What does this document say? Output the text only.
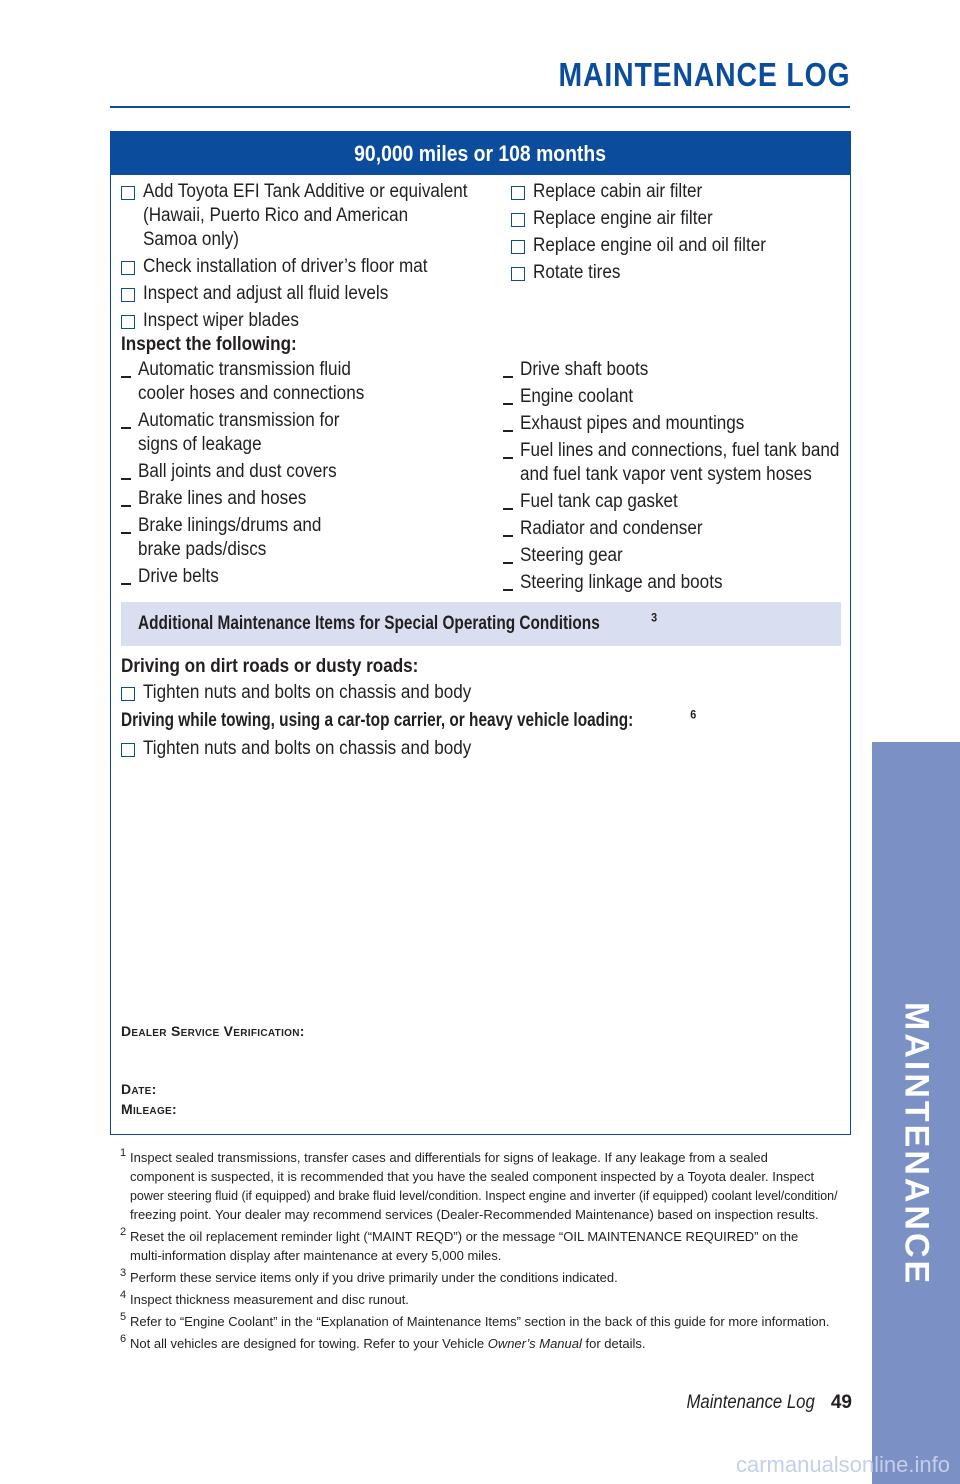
MAINTENANCE LOG
90,000 miles or 108 months
Add Toyota EFI Tank Additive or equivalent
(Hawaii, Puerto Rico and American
Samoa only)
Check installation of driver’s floor mat
Inspect and adjust all fluid levels
Inspect wiper blades
Replace cabin air filter
Replace engine air filter
Replace engine oil and oil filter
Rotate tires
Inspect the following:
Automatic transmission fluid
cooler hoses and connections
Automatic transmission for
signs of leakage
Ball joints and dust covers
Brake lines and hoses
Brake linings/drums and
brake pads/discs
Drive belts
Drive shaft boots
Engine coolant
Exhaust pipes and mountings
Fuel lines and connections, fuel tank band
and fuel tank vapor vent system hoses
Fuel tank cap gasket
Radiator and condenser
Steering gear
Steering linkage and boots
Additional Maintenance Items for Special Operating Conditions	$^3$
Driving on dirt roads or dusty roads:
Tighten nuts and bolts on chassis and body
Driving while towing, using a car-top carrier, or heavy vehicle loading:	$^6$
Tighten nuts and bolts on chassis and body
Dealer Service Verification:
Date:
Mileage:
1 Inspect sealed transmissions, transfer cases and differentials for signs of leakage. If any leakage from a sealed
component is suspected, it is recommended that you have the sealed component inspected by a Toyota dealer. Inspect
power steering fluid (if equipped) and brake fluid level/condition. Inspect engine and inverter (if equipped) coolant level/condition/
freezing point. Your dealer may recommend services (Dealer-Recommended Maintenance) based on inspection results.
2 Reset the oil replacement reminder light (“MAINT REQD”) or the message “OIL MAINTENANCE REQUIRED” on the
multi-information display after maintenance at every 5,000 miles.
3 Perform these service items only if you drive primarily under the conditions indicated.
4 Inspect thickness measurement and disc runout.
5 Refer to “Engine Coolant” in the “Explanation of Maintenance Items” section in the back of this guide for more information.
6 Not all vehicles are designed for towing. Refer to your Vehicle Owner’s Manual for details.
Maintenance Log 49
MAINTENANCE
carmanualsonline.info
